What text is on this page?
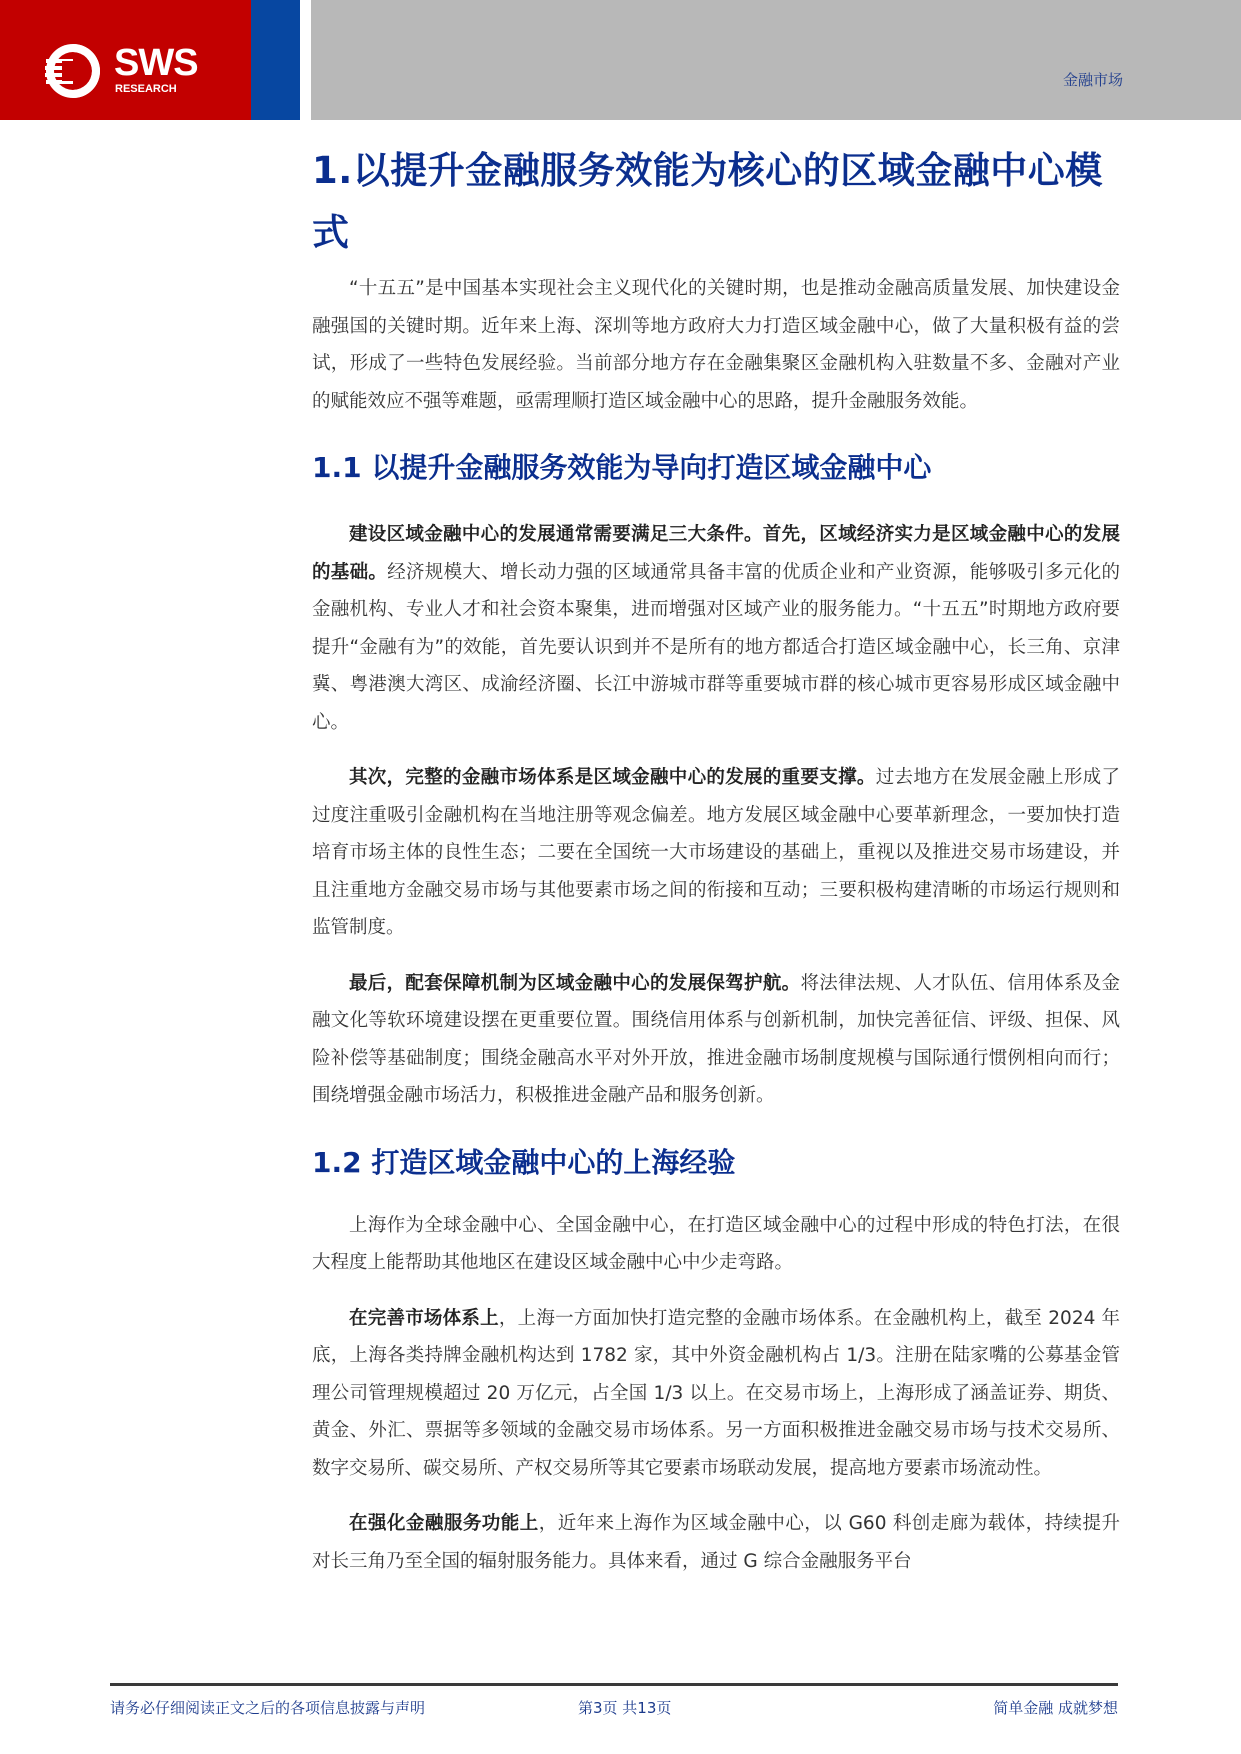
SWS
RESEARCH	金融市场
1.以提升金融服务效能为核心的区域金融中心模式

“十五五”是中国基本实现社会主义现代化的关键时期，也是推动金融高质量发展、加快建设金融强国的关键时期。近年来上海、深圳等地方政府大力打造区域金融中心，做了大量积极有益的尝试，形成了一些特色发展经验。当前部分地方存在金融集聚区金融机构入驻数量不多、金融对产业的赋能效应不强等难题，亟需理顺打造区域金融中心的思路，提升金融服务效能。

1.1 以提升金融服务效能为导向打造区域金融中心

建设区域金融中心的发展通常需要满足三大条件。首先，区域经济实力是区域金融中心的发展的基础。经济规模大、增长动力强的区域通常具备丰富的优质企业和产业资源，能够吸引多元化的金融机构、专业人才和社会资本聚集，进而增强对区域产业的服务能力。“十五五”时期地方政府要提升“金融有为”的效能，首先要认识到并不是所有的地方都适合打造区域金融中心，长三角、京津冀、粤港澳大湾区、成渝经济圈、长江中游城市群等重要城市群的核心城市更容易形成区域金融中心。

其次，完整的金融市场体系是区域金融中心的发展的重要支撑。过去地方在发展金融上形成了过度注重吸引金融机构在当地注册等观念偏差。地方发展区域金融中心要革新理念，一要加快打造培育市场主体的良性生态；二要在全国统一大市场建设的基础上，重视以及推进交易市场建设，并且注重地方金融交易市场与其他要素市场之间的衔接和互动；三要积极构建清晰的市场运行规则和监管制度。

最后，配套保障机制为区域金融中心的发展保驾护航。将法律法规、人才队伍、信用体系及金融文化等软环境建设摆在更重要位置。围绕信用体系与创新机制，加快完善征信、评级、担保、风险补偿等基础制度；围绕金融高水平对外开放，推进金融市场制度规模与国际通行惯例相向而行；围绕增强金融市场活力，积极推进金融产品和服务创新。

1.2 打造区域金融中心的上海经验

上海作为全球金融中心、全国金融中心，在打造区域金融中心的过程中形成的特色打法，在很大程度上能帮助其他地区在建设区域金融中心中少走弯路。

在完善市场体系上，上海一方面加快打造完整的金融市场体系。在金融机构上，截至 2024 年底，上海各类持牌金融机构达到 1782 家，其中外资金融机构占 1/3。注册在陆家嘴的公募基金管理公司管理规模超过 20 万亿元，占全国 1/3 以上。在交易市场上，上海形成了涵盖证券、期货、黄金、外汇、票据等多领域的金融交易市场体系。另一方面积极推进金融交易市场与技术交易所、数字交易所、碳交易所、产权交易所等其它要素市场联动发展，提高地方要素市场流动性。

在强化金融服务功能上，近年来上海作为区域金融中心，以 G60 科创走廊为载体，持续提升对长三角乃至全国的辐射服务能力。具体来看，通过 G 综合金融服务平台

请务必仔细阅读正文之后的各项信息披露与声明	第3页 共13页	简单金融 成就梦想
